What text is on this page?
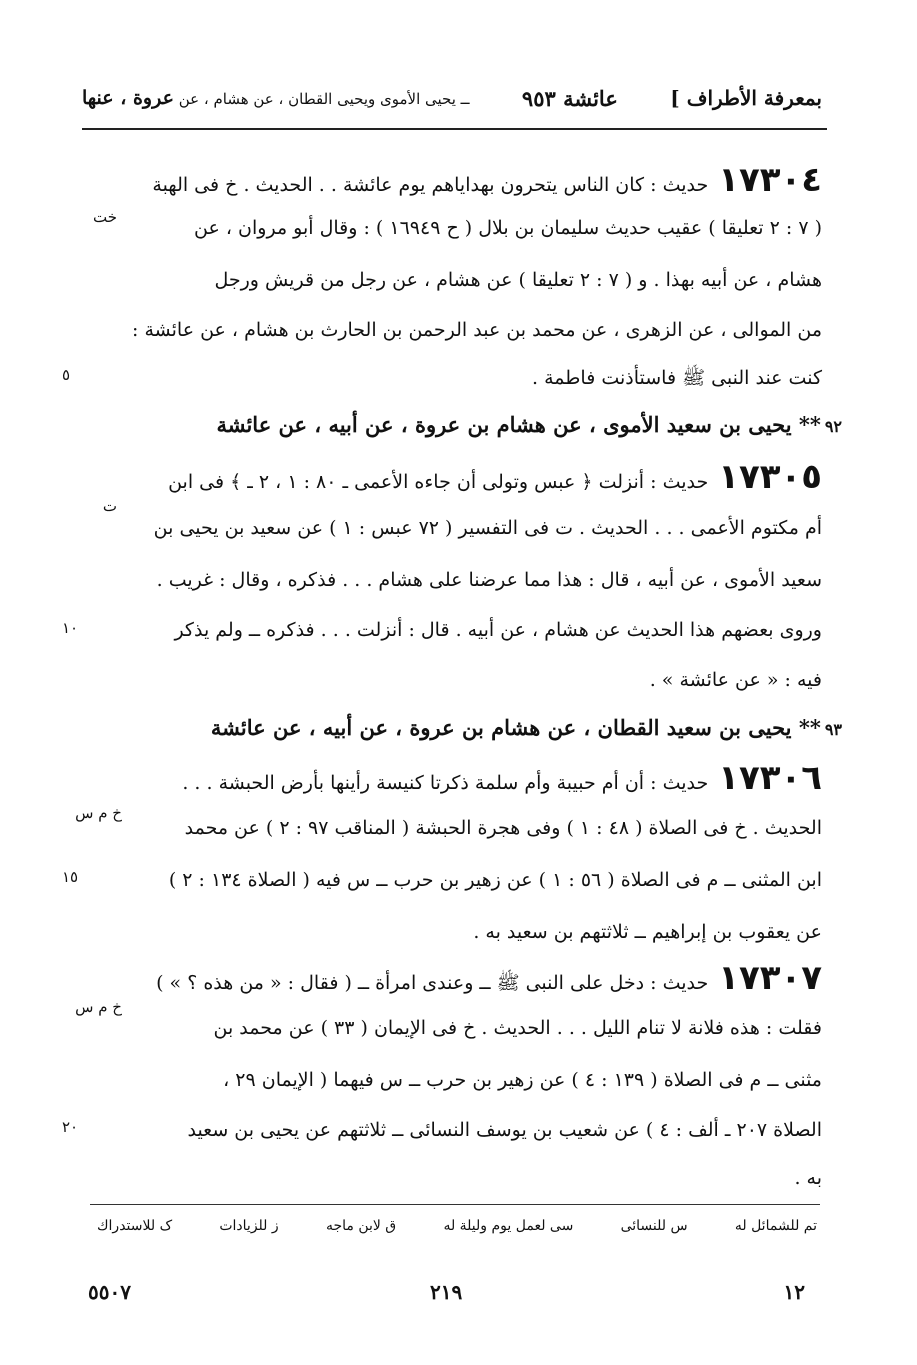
بمعرفة الأطراف ]
عائشة ٩٥٣
ــ يحيى الأموى ويحيى القطان ، عن هشام ، عن عروة ، عنها
١٧٣٠٤حديث : كان الناس يتحرون بهداياهم يوم عائشة . . الحديث . خ فى الهبة
( ٧ : ٢ تعليقا ) عقيب حديث سليمان بن بلال ( ح ١٦٩٤٩ ) : وقال أبو مروان ، عن
خت
هشام ، عن أبيه بهذا . و ( ٧ : ٢ تعليقا ) عن هشام ، عن رجل من قريش ورجل
من الموالى ، عن الزهرى ، عن محمد بن عبد الرحمن بن الحارث بن هشام ، عن عائشة :
كنت عند النبى ﷺ فاستأذنت فاطمة .
٥
٩٢** يحيى بن سعيد الأموى ، عن هشام بن عروة ، عن أبيه ، عن عائشة
١٧٣٠٥حديث : أنزلت ﴿ عبس وتولى أن جاءه الأعمى ـ ٨٠ : ١ ، ٢ ـ ﴾ فى ابن
ت
أم مكتوم الأعمى . . . الحديث . ت فى التفسير ( ٧٢ عبس : ١ ) عن سعيد بن يحيى بن
سعيد الأموى ، عن أبيه ، قال : هذا مما عرضنا على هشام . . . فذكره ، وقال : غريب .
وروى بعضهم هذا الحديث عن هشام ، عن أبيه . قال : أنزلت . . . فذكره ــ ولم يذكر
١٠
فيه : « عن عائشة » .
٩٣** يحيى بن سعيد القطان ، عن هشام بن عروة ، عن أبيه ، عن عائشة
١٧٣٠٦حديث : أن أم حبيبة وأم سلمة ذكرتا كنيسة رأينها بأرض الحبشة . . .
خ م س
الحديث . خ فى الصلاة ( ٤٨ : ١ ) وفى هجرة الحبشة ( المناقب ٩٧ : ٢ ) عن محمد
ابن المثنى ــ م فى الصلاة ( ٥٦ : ١ ) عن زهير بن حرب ــ س فيه ( الصلاة ١٣٤ : ٢ )
١٥
عن يعقوب بن إبراهيم ــ ثلاثتهم بن سعيد به .
١٧٣٠٧حديث : دخل على النبى ﷺ ــ وعندى امرأة ــ ( فقال : « من هذه ؟ » )
خ م س
فقلت : هذه فلانة لا تنام الليل . . . الحديث . خ فى الإيمان ( ٣٣ ) عن محمد بن
مثنى ــ م فى الصلاة ( ١٣٩ : ٤ ) عن زهير بن حرب ــ س فيهما ( الإيمان ٢٩ ،
الصلاة ٢٠٧ ـ ألف : ٤ ) عن شعيب بن يوسف النسائى ــ ثلاثتهم عن يحيى بن سعيد
٢٠
به .
تم للشمائل له
س للنسائى
سى لعمل يوم وليلة له
ق لابن ماجه
ز للزيادات
ک للاستدراك
١٢
٢١٩
٥٥٠٧
